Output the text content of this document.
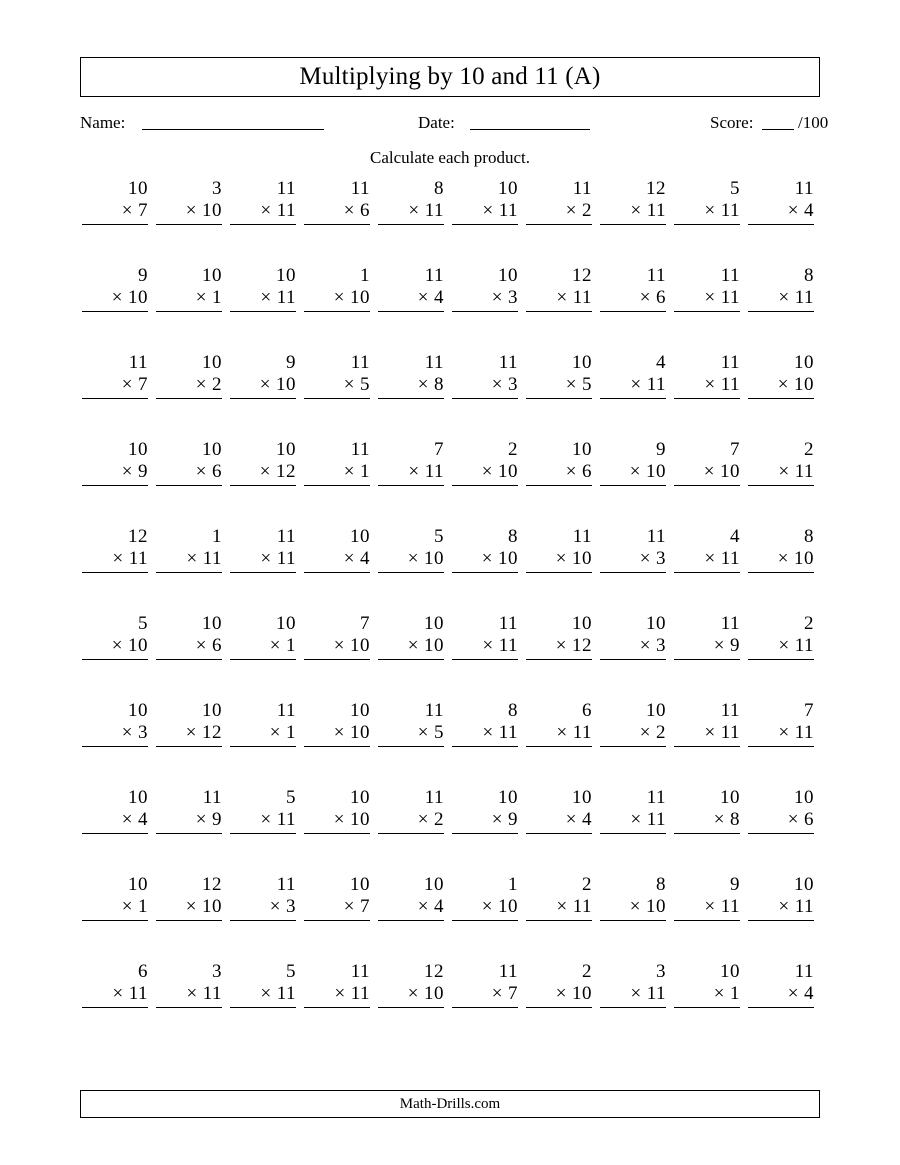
Multiplying by 10 and 11 (A)
Name:	Date:	Score:	/100
Calculate each product.
10
× 7
3
× 10
11
× 11
11
× 6
8
× 11
10
× 11
11
× 2
12
× 11
5
× 11
11
× 4
9
× 10
10
× 1
10
× 11
1
× 10
11
× 4
10
× 3
12
× 11
11
× 6
11
× 11
8
× 11
11
× 7
10
× 2
9
× 10
11
× 5
11
× 8
11
× 3
10
× 5
4
× 11
11
× 11
10
× 10
10
× 9
10
× 6
10
× 12
11
× 1
7
× 11
2
× 10
10
× 6
9
× 10
7
× 10
2
× 11
12
× 11
1
× 11
11
× 11
10
× 4
5
× 10
8
× 10
11
× 10
11
× 3
4
× 11
8
× 10
5
× 10
10
× 6
10
× 1
7
× 10
10
× 10
11
× 11
10
× 12
10
× 3
11
× 9
2
× 11
10
× 3
10
× 12
11
× 1
10
× 10
11
× 5
8
× 11
6
× 11
10
× 2
11
× 11
7
× 11
10
× 4
11
× 9
5
× 11
10
× 10
11
× 2
10
× 9
10
× 4
11
× 11
10
× 8
10
× 6
10
× 1
12
× 10
11
× 3
10
× 7
10
× 4
1
× 10
2
× 11
8
× 10
9
× 11
10
× 11
6
× 11
3
× 11
5
× 11
11
× 11
12
× 10
11
× 7
2
× 10
3
× 11
10
× 1
11
× 4
Math-Drills.com
